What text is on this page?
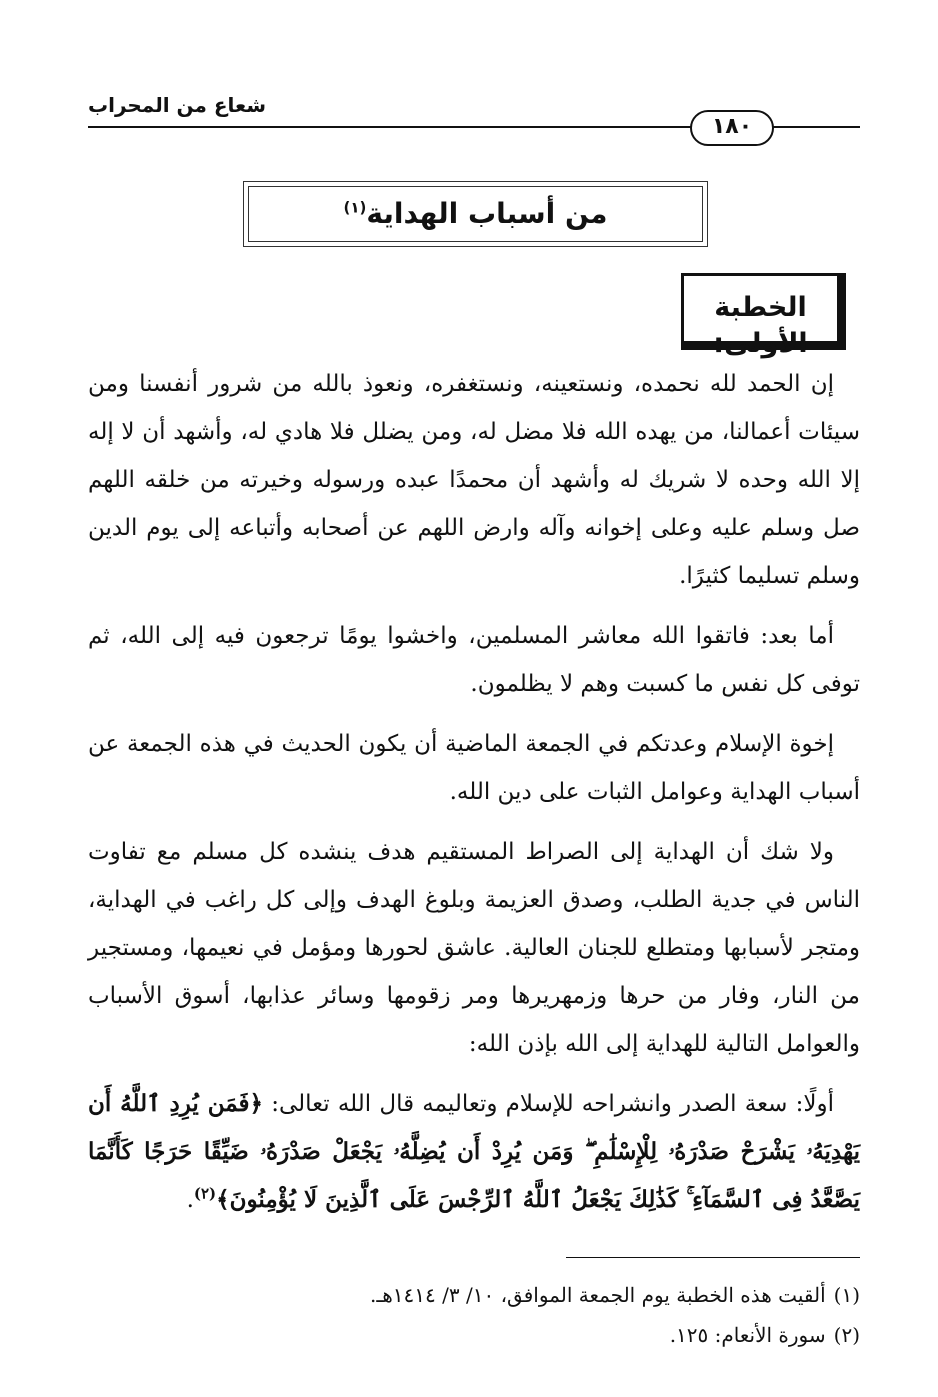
شعاع من المحراب
١٨٠
من أسباب الهداية$^{(١)}$
الخطبة الأولى:

إن الحمد لله نحمده، ونستعينه، ونستغفره، ونعوذ بالله من شرور أنفسنا ومن سيئات أعمالنا، من يهده الله فلا مضل له، ومن يضلل فلا هادي له، وأشهد أن لا إله إلا الله وحده لا شريك له وأشهد أن محمدًا عبده ورسوله وخيرته من خلقه اللهم صل وسلم عليه وعلى إخوانه وآله وارض اللهم عن أصحابه وأتباعه إلى يوم الدين وسلم تسليما كثيرًا.

أما بعد: فاتقوا الله معاشر المسلمين، واخشوا يومًا ترجعون فيه إلى الله، ثم توفى كل نفس ما كسبت وهم لا يظلمون.

إخوة الإسلام وعدتكم في الجمعة الماضية أن يكون الحديث في هذه الجمعة عن أسباب الهداية وعوامل الثبات على دين الله.

ولا شك أن الهداية إلى الصراط المستقيم هدف ينشده كل مسلم مع تفاوت الناس في جدية الطلب، وصدق العزيمة وبلوغ الهدف وإلى كل راغب في الهداية، ومتجر لأسبابها ومتطلع للجنان العالية. عاشق لحورها ومؤمل في نعيمها، ومستجير من النار، وفار من حرها وزمهريرها ومر زقومها وسائر عذابها، أسوق الأسباب والعوامل التالية للهداية إلى الله بإذن الله:

أولًا: سعة الصدر وانشراحه للإسلام وتعاليمه قال الله تعالى: ﴿فَمَن يُرِدِ ٱللَّهُ أَن يَهْدِيَهُۥ يَشْرَحْ صَدْرَهُۥ لِلْإِسْلَٰمِ ۖ وَمَن يُرِدْ أَن يُضِلَّهُۥ يَجْعَلْ صَدْرَهُۥ ضَيِّقًا حَرَجًا كَأَنَّمَا يَصَّعَّدُ فِى ٱلسَّمَآءِ ۚ كَذَٰلِكَ يَجْعَلُ ٱللَّهُ ٱلرِّجْسَ عَلَى ٱلَّذِينَ لَا يُؤْمِنُونَ﴾$^{(٢)}$.

(١)ألقيت هذه الخطبة يوم الجمعة الموافق، ١٠/ ٣/ ١٤١٤هـ.

(٢)سورة الأنعام: ١٢٥.
